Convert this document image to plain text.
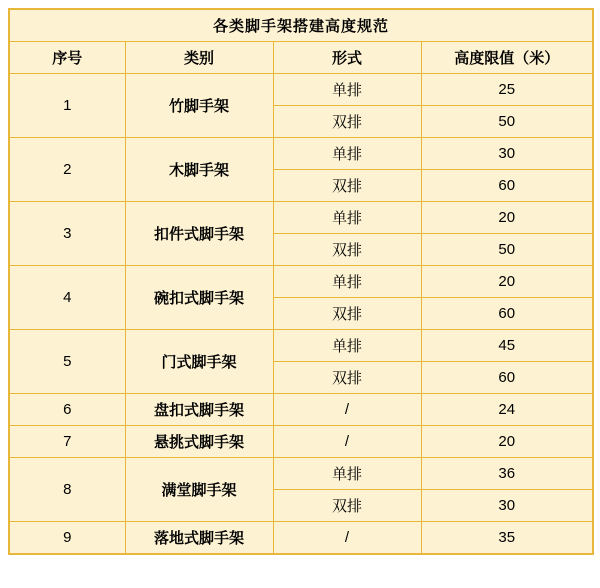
各类脚手架搭建高度规范			
序号	类别	形式	高度限值（米）
1	竹脚手架	单排	25
		双排	50
2	木脚手架	单排	30
		双排	60
3	扣件式脚手架	单排	20
		双排	50
4	碗扣式脚手架	单排	20
		双排	60
5	门式脚手架	单排	45
		双排	60
6	盘扣式脚手架	/	24
7	悬挑式脚手架	/	20
8	满堂脚手架	单排	36
		双排	30
9	落地式脚手架	/	35
